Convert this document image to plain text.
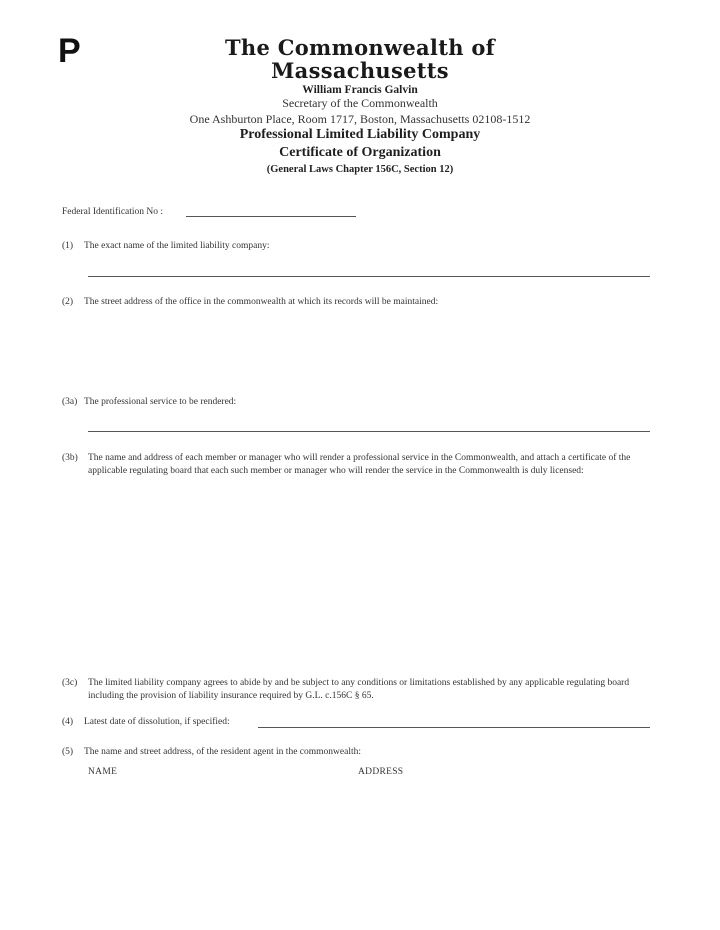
P	The Commonwealth of Massachusetts
William Francis Galvin
Secretary of the Commonwealth
One Ashburton Place, Room 1717, Boston, Massachusetts 02108-1512
Professional Limited Liability Company
Certificate of Organization
(General Laws Chapter 156C, Section 12)
Federal Identification No :
(1) The exact name of the limited liability company:
(2) The street address of the office in the commonwealth at which its records will be maintained:
(3a) The professional service to be rendered:
(3b) The name and address of each member or manager who will render a professional service in the Commonwealth, and attach a certificate of the applicable regulating board that each such member or manager who will render the service in the Commonwealth is duly licensed:
(3c) The limited liability company agrees to abide by and be subject to any conditions or limitations established by any applicable regulating board including the provision of liability insurance required by G.L. c.156C § 65.
(4) Latest date of dissolution, if specified:
(5) The name and street address, of the resident agent in the commonwealth:
NAME	ADDRESS
